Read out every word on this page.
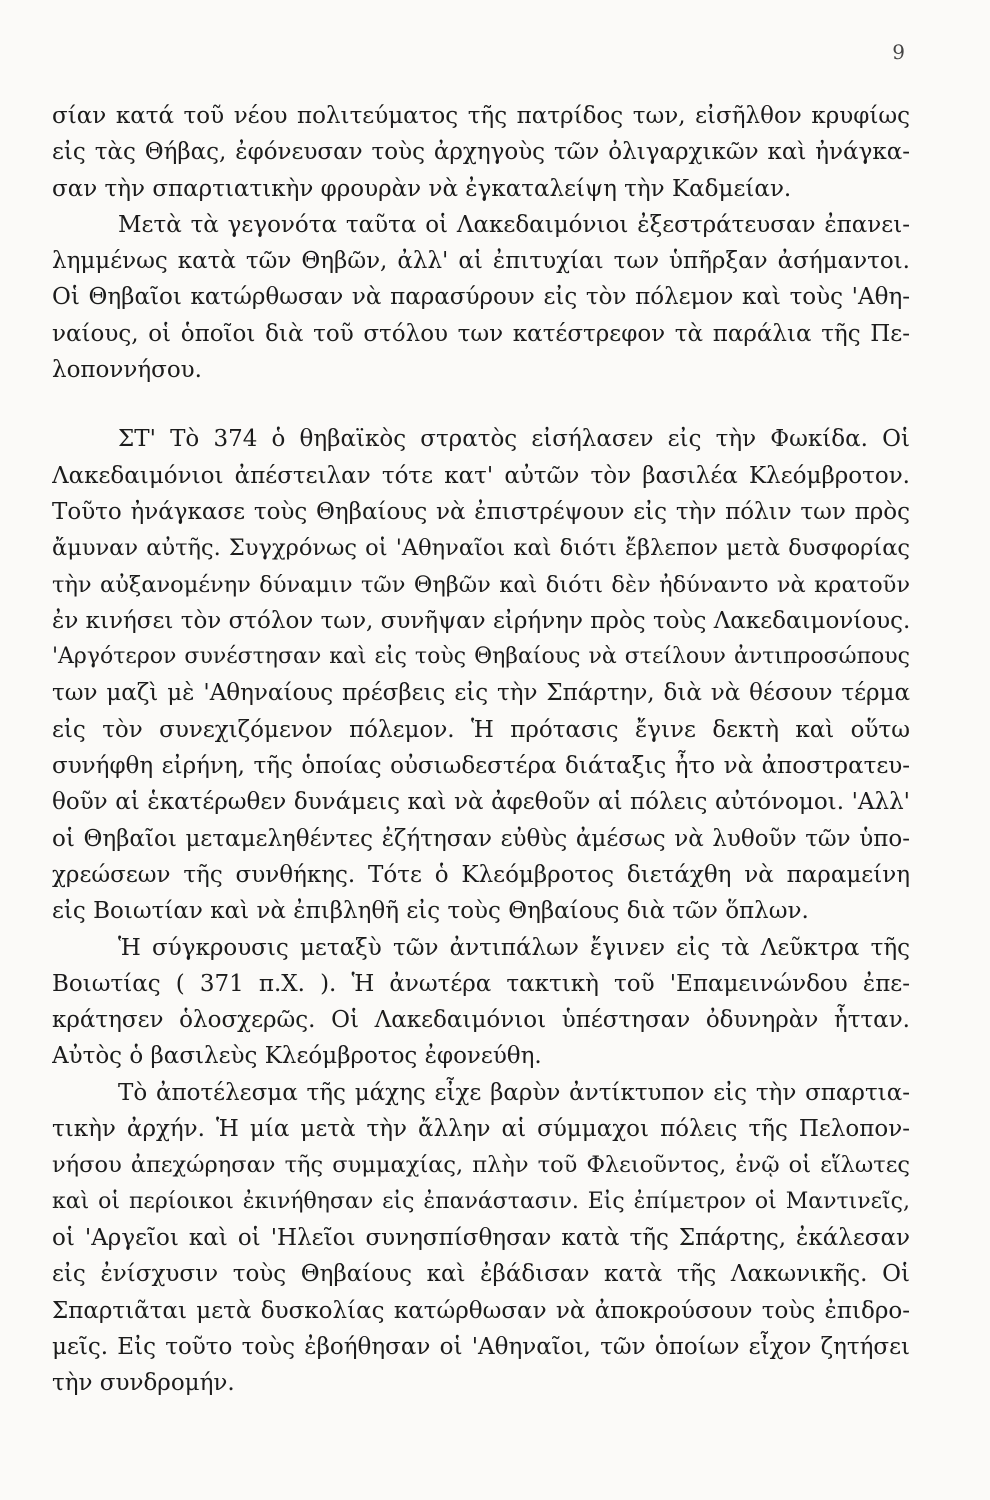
9
σίαν κατά τοῦ νέου πολιτεύματος τῆς πατρίδος των, εἰσῆλθον κρυφίως
εἰς τὰς Θήβας, ἐφόνευσαν τοὺς ἀρχηγοὺς τῶν ὀλιγαρχικῶν καὶ ἠνάγκα-
σαν τὴν σπαρτιατικὴν φρουρὰν νὰ ἐγκαταλείψη τὴν Καδμείαν.
Μετὰ τὰ γεγονότα ταῦτα οἱ Λακεδαιμόνιοι ἐξεστράτευσαν ἐπανει-
λημμένως κατὰ τῶν Θηβῶν, ἀλλ' αἱ ἐπιτυχίαι των ὑπῆρξαν ἀσήμαντοι.
Οἱ Θηβαῖοι κατώρθωσαν νὰ παρασύρουν εἰς τὸν πόλεμον καὶ τοὺς 'Αθη-
ναίους, οἱ ὁποῖοι διὰ τοῦ στόλου των κατέστρεφον τὰ παράλια τῆς Πε-
λοποννήσου.
ΣΤ' Τὸ 374 ὁ θηβαϊκὸς στρατὸς εἰσήλασεν εἰς τὴν Φωκίδα. Οἱ
Λακεδαιμόνιοι ἀπέστειλαν τότε κατ' αὐτῶν τὸν βασιλέα Κλεόμβροτον.
Τοῦτο ἠνάγκασε τοὺς Θηβαίους νὰ ἐπιστρέψουν εἰς τὴν πόλιν των πρὸς
ἄμυναν αὐτῆς. Συγχρόνως οἱ 'Αθηναῖοι καὶ διότι ἔβλεπον μετὰ δυσφορίας
τὴν αὐξανομένην δύναμιν τῶν Θηβῶν καὶ διότι δὲν ἠδύναντο νὰ κρατοῦν
ἐν κινήσει τὸν στόλον των, συνῆψαν εἰρήνην πρὸς τοὺς Λακεδαιμονίους.
'Αργότερον συνέστησαν καὶ εἰς τοὺς Θηβαίους νὰ στείλουν ἀντιπροσώπους
των μαζὶ μὲ 'Αθηναίους πρέσβεις εἰς τὴν Σπάρτην, διὰ νὰ θέσουν τέρμα
εἰς τὸν συνεχιζόμενον πόλεμον. Ἡ πρότασις ἔγινε δεκτὴ καὶ οὕτω
συνήφθη εἰρήνη, τῆς ὁποίας οὐσιωδεστέρα διάταξις ἦτο νὰ ἀποστρατευ-
θοῦν αἱ ἑκατέρωθεν δυνάμεις καὶ νὰ ἀφεθοῦν αἱ πόλεις αὐτόνομοι. 'Αλλ'
οἱ Θηβαῖοι μεταμεληθέντες ἐζήτησαν εὐθὺς ἀμέσως νὰ λυθοῦν τῶν ὑπο-
χρεώσεων τῆς συνθήκης. Τότε ὁ Κλεόμβροτος διετάχθη νὰ παραμείνη
εἰς Βοιωτίαν καὶ νὰ ἐπιβληθῆ εἰς τοὺς Θηβαίους διὰ τῶν ὅπλων.
Ἡ σύγκρουσις μεταξὺ τῶν ἀντιπάλων ἔγινεν εἰς τὰ Λεῦκτρα τῆς
Βοιωτίας ( 371 π.Χ. ). Ἡ ἀνωτέρα τακτικὴ τοῦ 'Επαμεινώνδου ἐπε-
κράτησεν ὁλοσχερῶς. Οἱ Λακεδαιμόνιοι ὑπέστησαν ὀδυνηρὰν ἧτταν.
Αὐτὸς ὁ βασιλεὺς Κλεόμβροτος ἐφονεύθη.
Τὸ ἀποτέλεσμα τῆς μάχης εἶχε βαρὺν ἀντίκτυπον εἰς τὴν σπαρτια-
τικὴν ἀρχήν. Ἡ μία μετὰ τὴν ἄλλην αἱ σύμμαχοι πόλεις τῆς Πελοπον-
νήσου ἀπεχώρησαν τῆς συμμαχίας, πλὴν τοῦ Φλειοῦντος, ἐνῷ οἱ εἵλωτες
καὶ οἱ περίοικοι ἐκινήθησαν εἰς ἐπανάστασιν. Εἰς ἐπίμετρον οἱ Μαντινεῖς,
οἱ 'Αργεῖοι καὶ οἱ 'Ηλεῖοι συνησπίσθησαν κατὰ τῆς Σπάρτης, ἐκάλεσαν
εἰς ἐνίσχυσιν τοὺς Θηβαίους καὶ ἐβάδισαν κατὰ τῆς Λακωνικῆς. Οἱ
Σπαρτιᾶται μετὰ δυσκολίας κατώρθωσαν νὰ ἀποκρούσουν τοὺς ἐπιδρο-
μεῖς. Εἰς τοῦτο τοὺς ἐβοήθησαν οἱ 'Αθηναῖοι, τῶν ὁποίων εἶχον ζητήσει
τὴν συνδρομήν.
